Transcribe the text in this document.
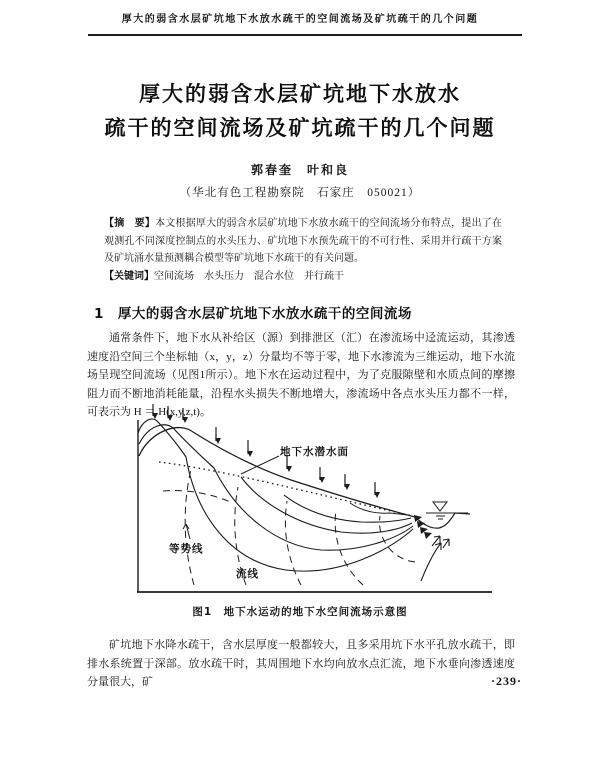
厚大的弱含水层矿坑地下水放水疏干的空间流场及矿坑疏干的几个问题
厚大的弱含水层矿坑地下水放水
疏干的空间流场及矿坑疏干的几个问题
郭春奎　叶和良
（华北有色工程勘察院　石家庄　050021）

【摘　要】本文根据厚大的弱含水层矿坑地下水放水疏干的空间流场分布特点，提出了在观测孔不同深度控制点的水头压力、矿坑地下水预先疏干的不可行性、采用并行疏干方案及矿坑涌水量预测耦合模型等矿坑地下水疏干的有关问题。

【关键词】空间流场　水头压力　混合水位　并行疏干

1　厚大的弱含水层矿坑地下水放水疏干的空间流场

通常条件下，地下水从补给区（源）到排泄区（汇）在渗流场中迳流运动，其渗透速度沿空间三个坐标轴（x，y，z）分量均不等于零，地下水渗流为三维运动，地下水流场呈现空间流场（见图1所示）。地下水在运动过程中，为了克服隙壁和水质点间的摩擦阻力而不断地消耗能量，沿程水头损失不断地增大，渗流场中各点水头压力都不一样，可表示为 H ＝ H(x,y,z,t)。

地下水潜水面
等势线
流线
图1　地下水运动的地下水空间流场示意图

矿坑地下水降水疏干，含水层厚度一般都较大，且多采用坑下水平孔放水疏干，即排水系统置于深部。放水疏干时，其周围地下水均向放水点汇流，地下水垂向渗透速度分量很大，矿	·239·
